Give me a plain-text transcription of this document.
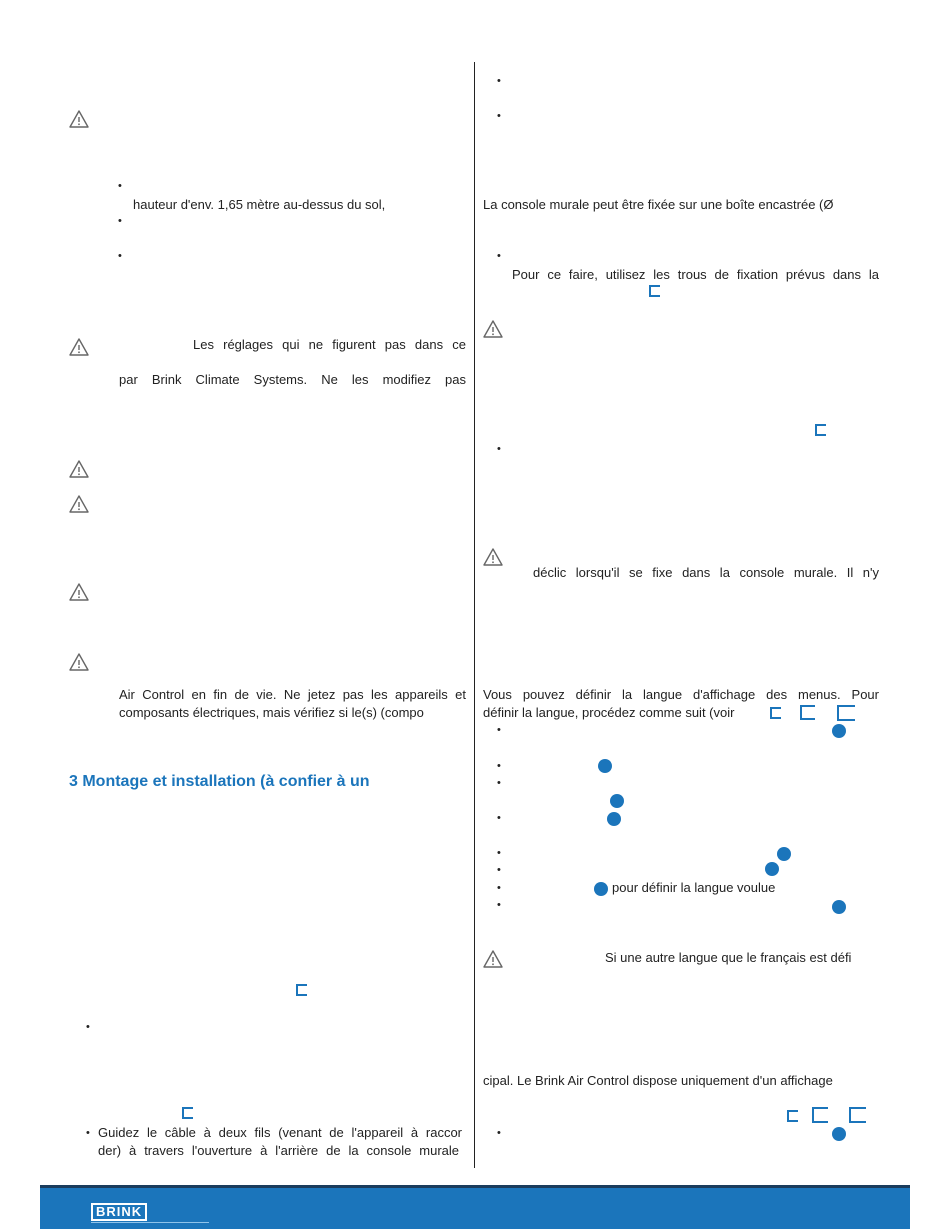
•
hauteur d'env. 1,65 mètre au-dessus du sol,
•
•
Les réglages qui ne figurent pas dans ce
par Brink Climate Systems. Ne les modifiez pas
Air Control en fin de vie. Ne jetez pas les appareils et
composants électriques, mais vérifiez si le(s) (compo
3 Montage et installation (à confier à un
•
• Guidez le câble à deux fils (venant de l'appareil à raccor
der) à travers l'ouverture à l'arrière de la console murale
•
•
La console murale peut être fixée sur une boîte encastrée (Ø
•
Pour ce faire, utilisez les trous de fixation prévus dans la
•
déclic lorsqu'il se fixe dans la console murale. Il n'y
Vous pouvez définir la langue d'affichage des menus. Pour
définir la langue, procédez comme suit (voir
•
•
•
•
•
•
•	pour définir la langue voulue
•
Si une autre langue que le français est défi
cipal. Le Brink Air Control dispose uniquement d'un affichage
•
BRINK
